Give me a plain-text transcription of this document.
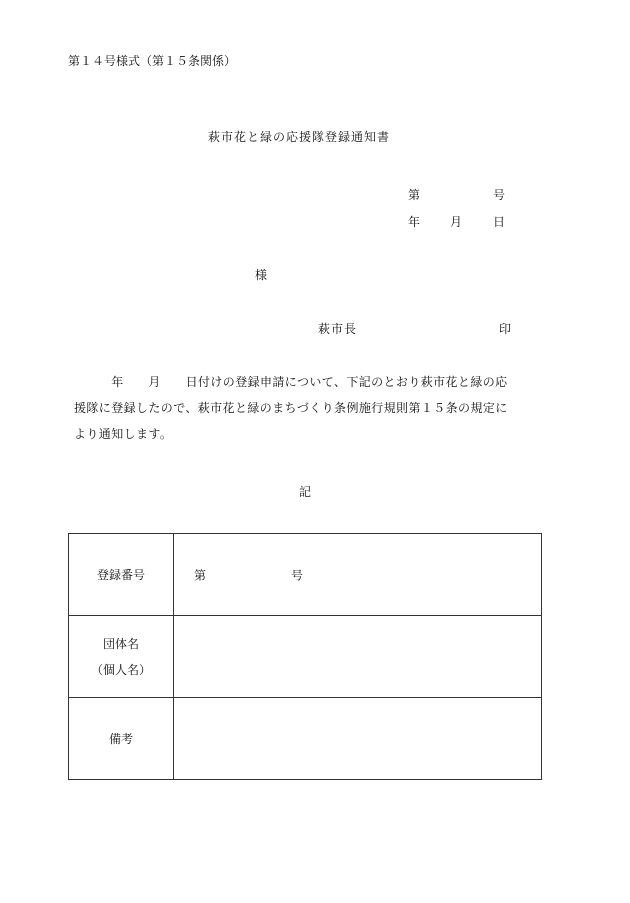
第１４号様式（第１５条関係）
萩市花と緑の応援隊登録通知書
第	号
年 月	日
様
萩市長	印

　　　年　　月　　日付けの登録申請について、下記のとおり萩市花と緑の応

援隊に登録したので、萩市花と緑のまちづくり条例施行規則第１５条の規定に

より通知します。

記
登録番号	第 号

団体名
（個人名）	

備考	
